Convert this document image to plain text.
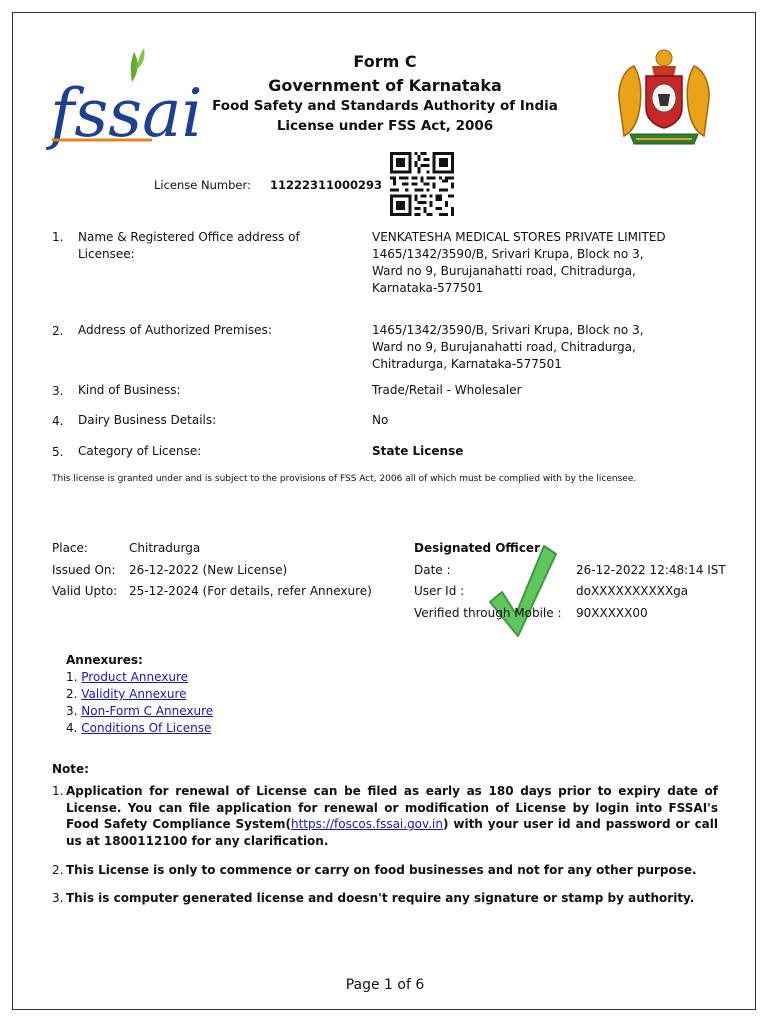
fssai
Form C
Government of Karnataka
Food Safety and Standards Authority of India
License under FSS Act, 2006
License Number: 11222311000293
1. Name & Registered Office address of Licensee:
VENKATESHA MEDICAL STORES PRIVATE LIMITED
1465/1342/3590/B, Srivari Krupa, Block no 3, Ward no 9, Burujanahatti road, Chitradurga, Karnataka-577501
2. Address of Authorized Premises:	1465/1342/3590/B, Srivari Krupa, Block no 3, Ward no 9, Burujanahatti road, Chitradurga, Chitradurga, Karnataka-577501
3. Kind of Business:	Trade/Retail - Wholesaler
4. Dairy Business Details:	No
5. Category of License:	State License
This license is granted under and is subject to the provisions of FSS Act, 2006 all of which must be complied with by the licensee.
Place:	Chitradurga
Issued On: 26-12-2022 (New License)
Valid Upto: 25-12-2024 (For details, refer Annexure)
Designated Officer
Date :	26-12-2022 12:48:14 IST
User Id :	doXXXXXXXXXXga
Verified through Mobile : 90XXXXX00
Annexures:
1. Product Annexure
2. Validity Annexure
3. Non-Form C Annexure
4. Conditions Of License
Note:
1. Application for renewal of License can be filed as early as 180 days prior to expiry date of License. You can file application for renewal or modification of License by login into FSSAI's Food Safety Compliance System(https://foscos.fssai.gov.in) with your user id and password or call us at 1800112100 for any clarification.
2. This License is only to commence or carry on food businesses and not for any other purpose.
3. This is computer generated license and doesn't require any signature or stamp by authority.
Page 1 of 6
